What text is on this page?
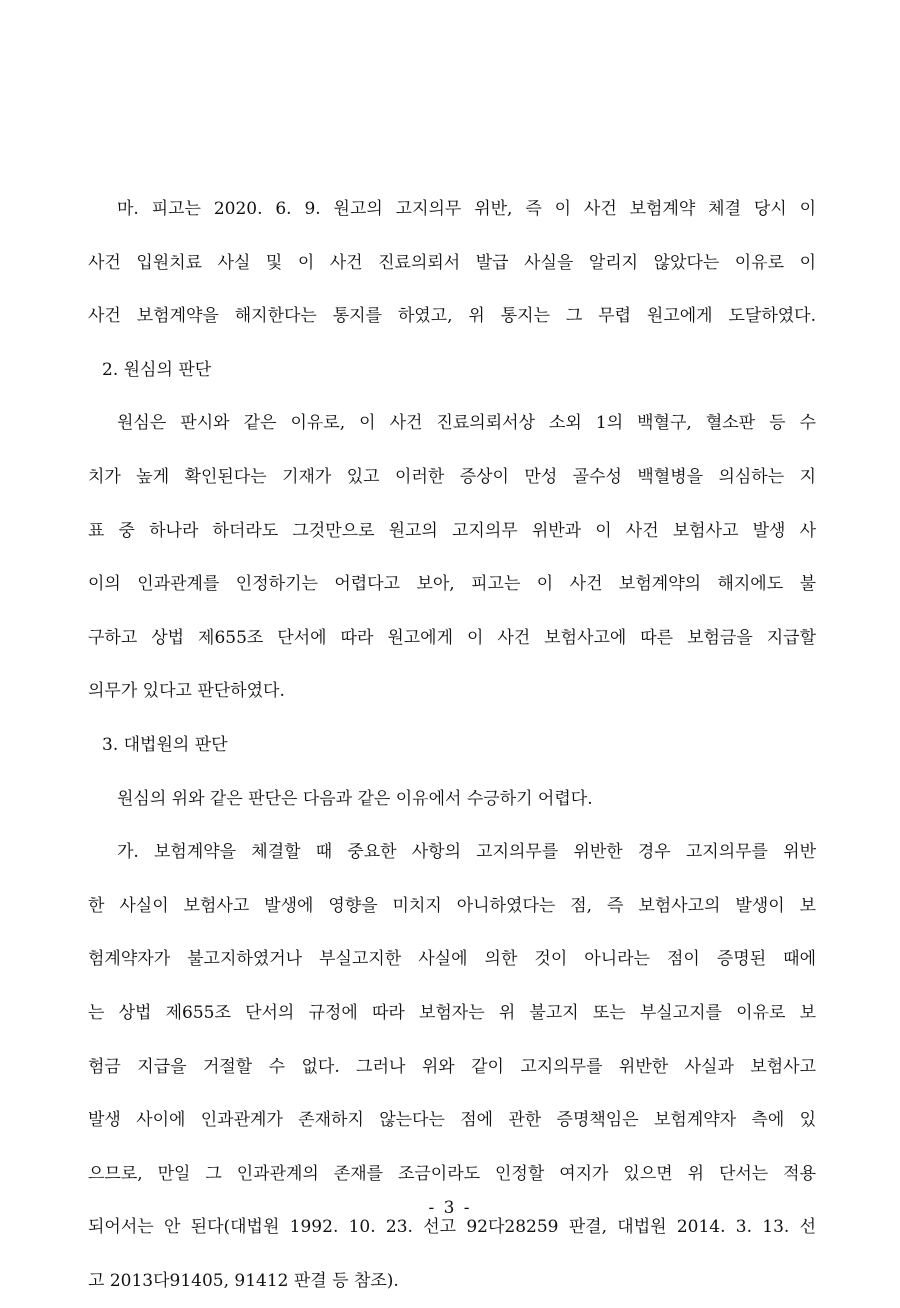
마. 피고는 2020. 6. 9. 원고의 고지의무 위반, 즉 이 사건 보험계약 체결 당시 이
사건 입원치료 사실 및 이 사건 진료의뢰서 발급 사실을 알리지 않았다는 이유로 이
사건 보험계약을 해지한다는 통지를 하였고, 위 통지는 그 무렵 원고에게 도달하였다.
2. 원심의 판단
원심은 판시와 같은 이유로, 이 사건 진료의뢰서상 소외 1의 백혈구, 혈소판 등 수
치가 높게 확인된다는 기재가 있고 이러한 증상이 만성 골수성 백혈병을 의심하는 지
표 중 하나라 하더라도 그것만으로 원고의 고지의무 위반과 이 사건 보험사고 발생 사
이의 인과관계를 인정하기는 어렵다고 보아, 피고는 이 사건 보험계약의 해지에도 불
구하고 상법 제655조 단서에 따라 원고에게 이 사건 보험사고에 따른 보험금을 지급할
의무가 있다고 판단하였다.
3. 대법원의 판단
원심의 위와 같은 판단은 다음과 같은 이유에서 수긍하기 어렵다.
가. 보험계약을 체결할 때 중요한 사항의 고지의무를 위반한 경우 고지의무를 위반
한 사실이 보험사고 발생에 영향을 미치지 아니하였다는 점, 즉 보험사고의 발생이 보
험계약자가 불고지하였거나 부실고지한 사실에 의한 것이 아니라는 점이 증명된 때에
는 상법 제655조 단서의 규정에 따라 보험자는 위 불고지 또는 부실고지를 이유로 보
험금 지급을 거절할 수 없다. 그러나 위와 같이 고지의무를 위반한 사실과 보험사고
발생 사이에 인과관계가 존재하지 않는다는 점에 관한 증명책임은 보험계약자 측에 있
으므로, 만일 그 인과관계의 존재를 조금이라도 인정할 여지가 있으면 위 단서는 적용
되어서는 안 된다(대법원 1992. 10. 23. 선고 92다28259 판결, 대법원 2014. 3. 13. 선
고 2013다91405, 91412 판결 등 참조).
- 3 -
